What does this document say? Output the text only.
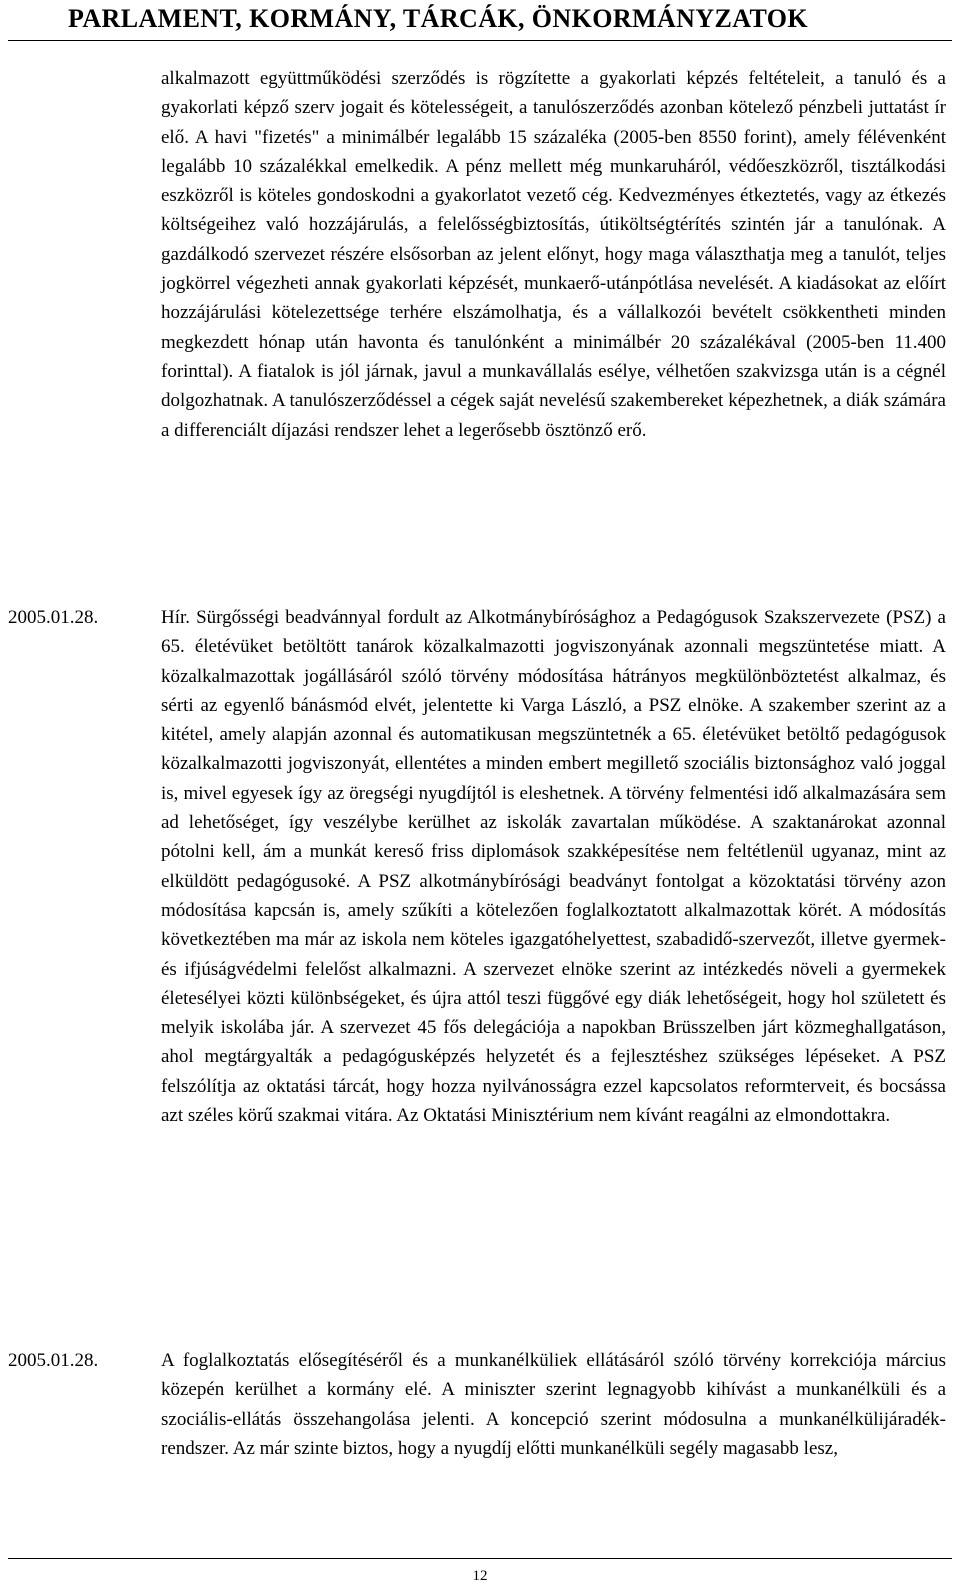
PARLAMENT, KORMÁNY, TÁRCÁK, ÖNKORMÁNYZATOK
alkalmazott együttműködési szerződés is rögzítette a gyakorlati képzés feltételeit, a tanuló és a gyakorlati képző szerv jogait és kötelességeit, a tanulószerződés azonban kötelező pénzbeli juttatást ír elő. A havi "fizetés" a minimálbér legalább 15 százaléka (2005-ben 8550 forint), amely félévenként legalább 10 százalékkal emelkedik. A pénz mellett még munkaruháról, védőeszközről, tisztálkodási eszközről is köteles gondoskodni a gyakorlatot vezető cég. Kedvezményes étkeztetés, vagy az étkezés költségeihez való hozzájárulás, a felelősségbiztosítás, útiköltségtérítés szintén jár a tanulónak. A gazdálkodó szervezet részére elsősorban az jelent előnyt, hogy maga választhatja meg a tanulót, teljes jogkörrel végezheti annak gyakorlati képzését, munkaerő-utánpótlása nevelését. A kiadásokat az előírt hozzájárulási kötelezettsége terhére elszámolhatja, és a vállalkozói bevételt csökkentheti minden megkezdett hónap után havonta és tanulónként a minimálbér 20 százalékával (2005-ben 11.400 forinttal). A fiatalok is jól járnak, javul a munkavállalás esélye, vélhetően szakvizsga után is a cégnél dolgozhatnak. A tanulószerződéssel a cégek saját nevelésű szakembereket képezhetnek, a diák számára a differenciált díjazási rendszer lehet a legerősebb ösztönző erő.
2005.01.28.	Hír. Sürgősségi beadvánnyal fordult az Alkotmánybírósághoz a Pedagógusok Szakszervezete (PSZ) a 65. életévüket betöltött tanárok közalkalmazotti jogviszonyának azonnali megszüntetése miatt. A közalkalmazottak jogállásáról szóló törvény módosítása hátrányos megkülönböztetést alkalmaz, és sérti az egyenlő bánásmód elvét, jelentette ki Varga László, a PSZ elnöke. A szakember szerint az a kitétel, amely alapján azonnal és automatikusan megszüntetnék a 65. életévüket betöltő pedagógusok közalkalmazotti jogviszonyát, ellentétes a minden embert megillető szociális biztonsághoz való joggal is, mivel egyesek így az öregségi nyugdíjtól is eleshetnek. A törvény felmentési idő alkalmazására sem ad lehetőséget, így veszélybe kerülhet az iskolák zavartalan működése. A szaktanárokat azonnal pótolni kell, ám a munkát kereső friss diplomások szakképesítése nem feltétlenül ugyanaz, mint az elküldött pedagógusoké. A PSZ alkotmánybírósági beadványt fontolgat a közoktatási törvény azon módosítása kapcsán is, amely szűkíti a kötelezően foglalkoztatott alkalmazottak körét. A módosítás következtében ma már az iskola nem köteles igazgatóhelyettest, szabadidő-szervezőt, illetve gyermek- és ifjúságvédelmi felelőst alkalmazni. A szervezet elnöke szerint az intézkedés növeli a gyermekek életesélyei közti különbségeket, és újra attól teszi függővé egy diák lehetőségeit, hogy hol született és melyik iskolába jár. A szervezet 45 fős delegációja a napokban Brüsszelben járt közmeghallgatáson, ahol megtárgyalták a pedagógusképzés helyzetét és a fejlesztéshez szükséges lépéseket. A PSZ felszólítja az oktatási tárcát, hogy hozza nyilvánosságra ezzel kapcsolatos reformterveit, és bocsássa azt széles körű szakmai vitára. Az Oktatási Minisztérium nem kívánt reagálni az elmondottakra.
2005.01.28.	A foglalkoztatás elősegítéséről és a munkanélküliek ellátásáról szóló törvény korrekciója március közepén kerülhet a kormány elé. A miniszter szerint legnagyobb kihívást a munkanélküli és a szociális-ellátás összehangolása jelenti. A koncepció szerint módosulna a munkanélkülijáradék-rendszer. Az már szinte biztos, hogy a nyugdíj előtti munkanélküli segély magasabb lesz,
12
